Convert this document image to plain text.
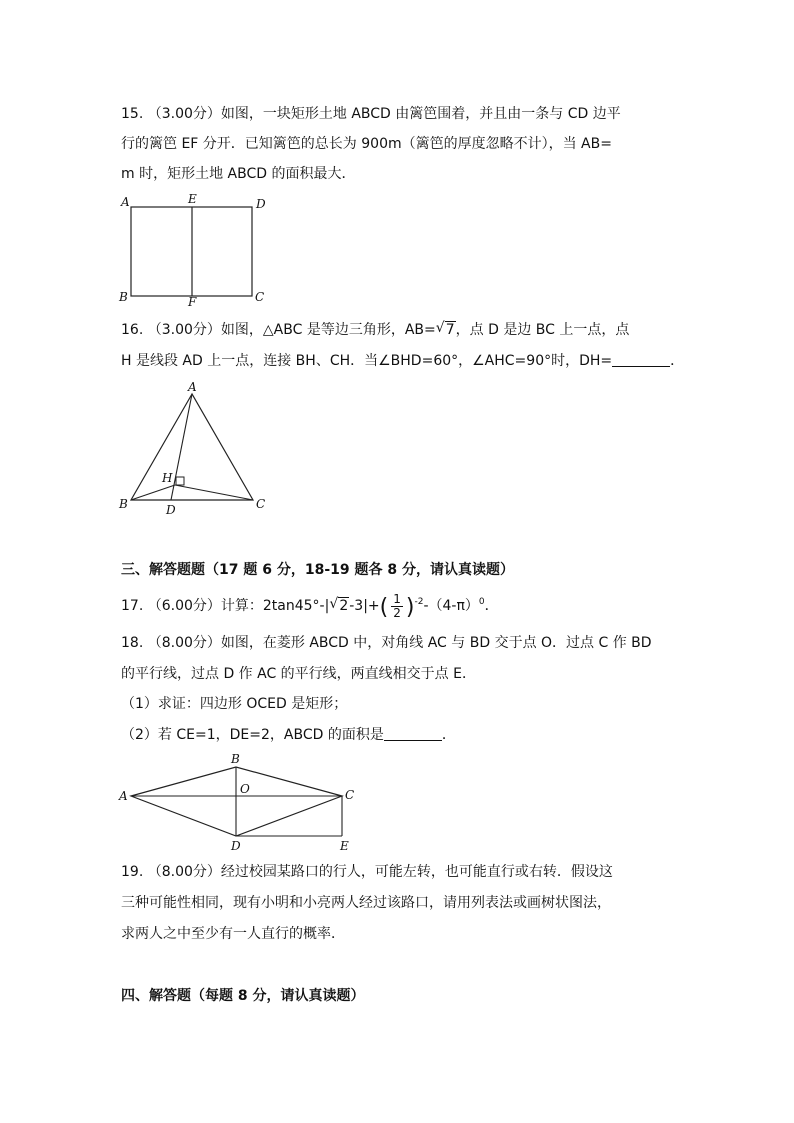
15. （3.00分）如图，一块矩形土地 ABCD 由篱笆围着，并且由一条与 CD 边平
行的篱笆 EF 分开．已知篱笆的总长为 900m（篱笆的厚度忽略不计），当 AB=
m 时，矩形土地 ABCD 的面积最大．
A	E	D
B	F	C
16. （3.00分）如图，△ABC 是等边三角形，AB= √ 7，点 D 是边 BC 上一点，点
H 是线段 AD 上一点，连接 BH、CH．当∠BHD=60°，∠AHC=90°时，DH=	．
A
H
B	D	C
三、解答题题（17 题 6 分，18-19 题各 8 分，请认真读题）
17. （6.00分）计算：2tan45°-| √ $2-3|+( \frac{1}{2} )^{-2}-(4-\pi)^0$．
18. （8.00分）如图，在菱形 ABCD 中，对角线 AC 与 BD 交于点 O．过点 C 作 BD
的平行线，过点 D 作 AC 的平行线，两直线相交于点 E．
（1）求证：四边形 OCED 是矩形；
（2）若 CE=1，DE=2，ABCD 的面积是	．
A
B
O	C
D	E
19. （8.00分）经过校园某路口的行人，可能左转，也可能直行或右转．假设这
三种可能性相同，现有小明和小亮两人经过该路口，请用列表法或画树状图法，
求两人之中至少有一人直行的概率．
四、解答题（每题 8 分，请认真读题）
